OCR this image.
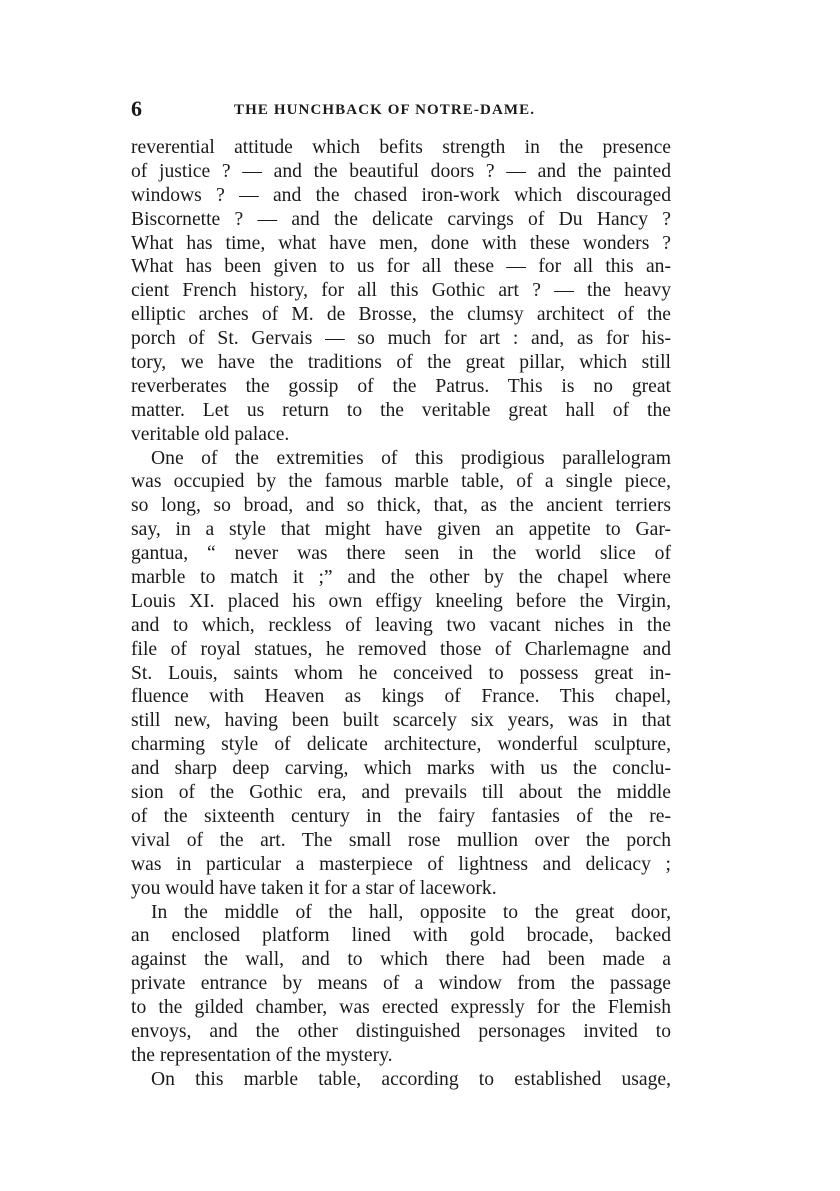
6	THE HUNCHBACK OF NOTRE-DAME.
reverential attitude which befits strength in the presence
of justice ? — and the beautiful doors ? — and the painted
windows ? — and the chased iron-work which discouraged
Biscornette ? — and the delicate carvings of Du Hancy ?
What has time, what have men, done with these wonders ?
What has been given to us for all these — for all this an-
cient French history, for all this Gothic art ? — the heavy
elliptic arches of M. de Brosse, the clumsy architect of the
porch of St. Gervais — so much for art : and, as for his-
tory, we have the traditions of the great pillar, which still
reverberates the gossip of the Patrus. This is no great
matter. Let us return to the veritable great hall of the
veritable old palace.
One of the extremities of this prodigious parallelogram
was occupied by the famous marble table, of a single piece,
so long, so broad, and so thick, that, as the ancient terriers
say, in a style that might have given an appetite to Gar-
gantua, “ never was there seen in the world slice of
marble to match it ;” and the other by the chapel where
Louis XI. placed his own effigy kneeling before the Virgin,
and to which, reckless of leaving two vacant niches in the
file of royal statues, he removed those of Charlemagne and
St. Louis, saints whom he conceived to possess great in-
fluence with Heaven as kings of France. This chapel,
still new, having been built scarcely six years, was in that
charming style of delicate architecture, wonderful sculpture,
and sharp deep carving, which marks with us the conclu-
sion of the Gothic era, and prevails till about the middle
of the sixteenth century in the fairy fantasies of the re-
vival of the art. The small rose mullion over the porch
was in particular a masterpiece of lightness and delicacy ;
you would have taken it for a star of lacework.
In the middle of the hall, opposite to the great door,
an enclosed platform lined with gold brocade, backed
against the wall, and to which there had been made a
private entrance by means of a window from the passage
to the gilded chamber, was erected expressly for the Flemish
envoys, and the other distinguished personages invited to
the representation of the mystery.
On this marble table, according to established usage,
